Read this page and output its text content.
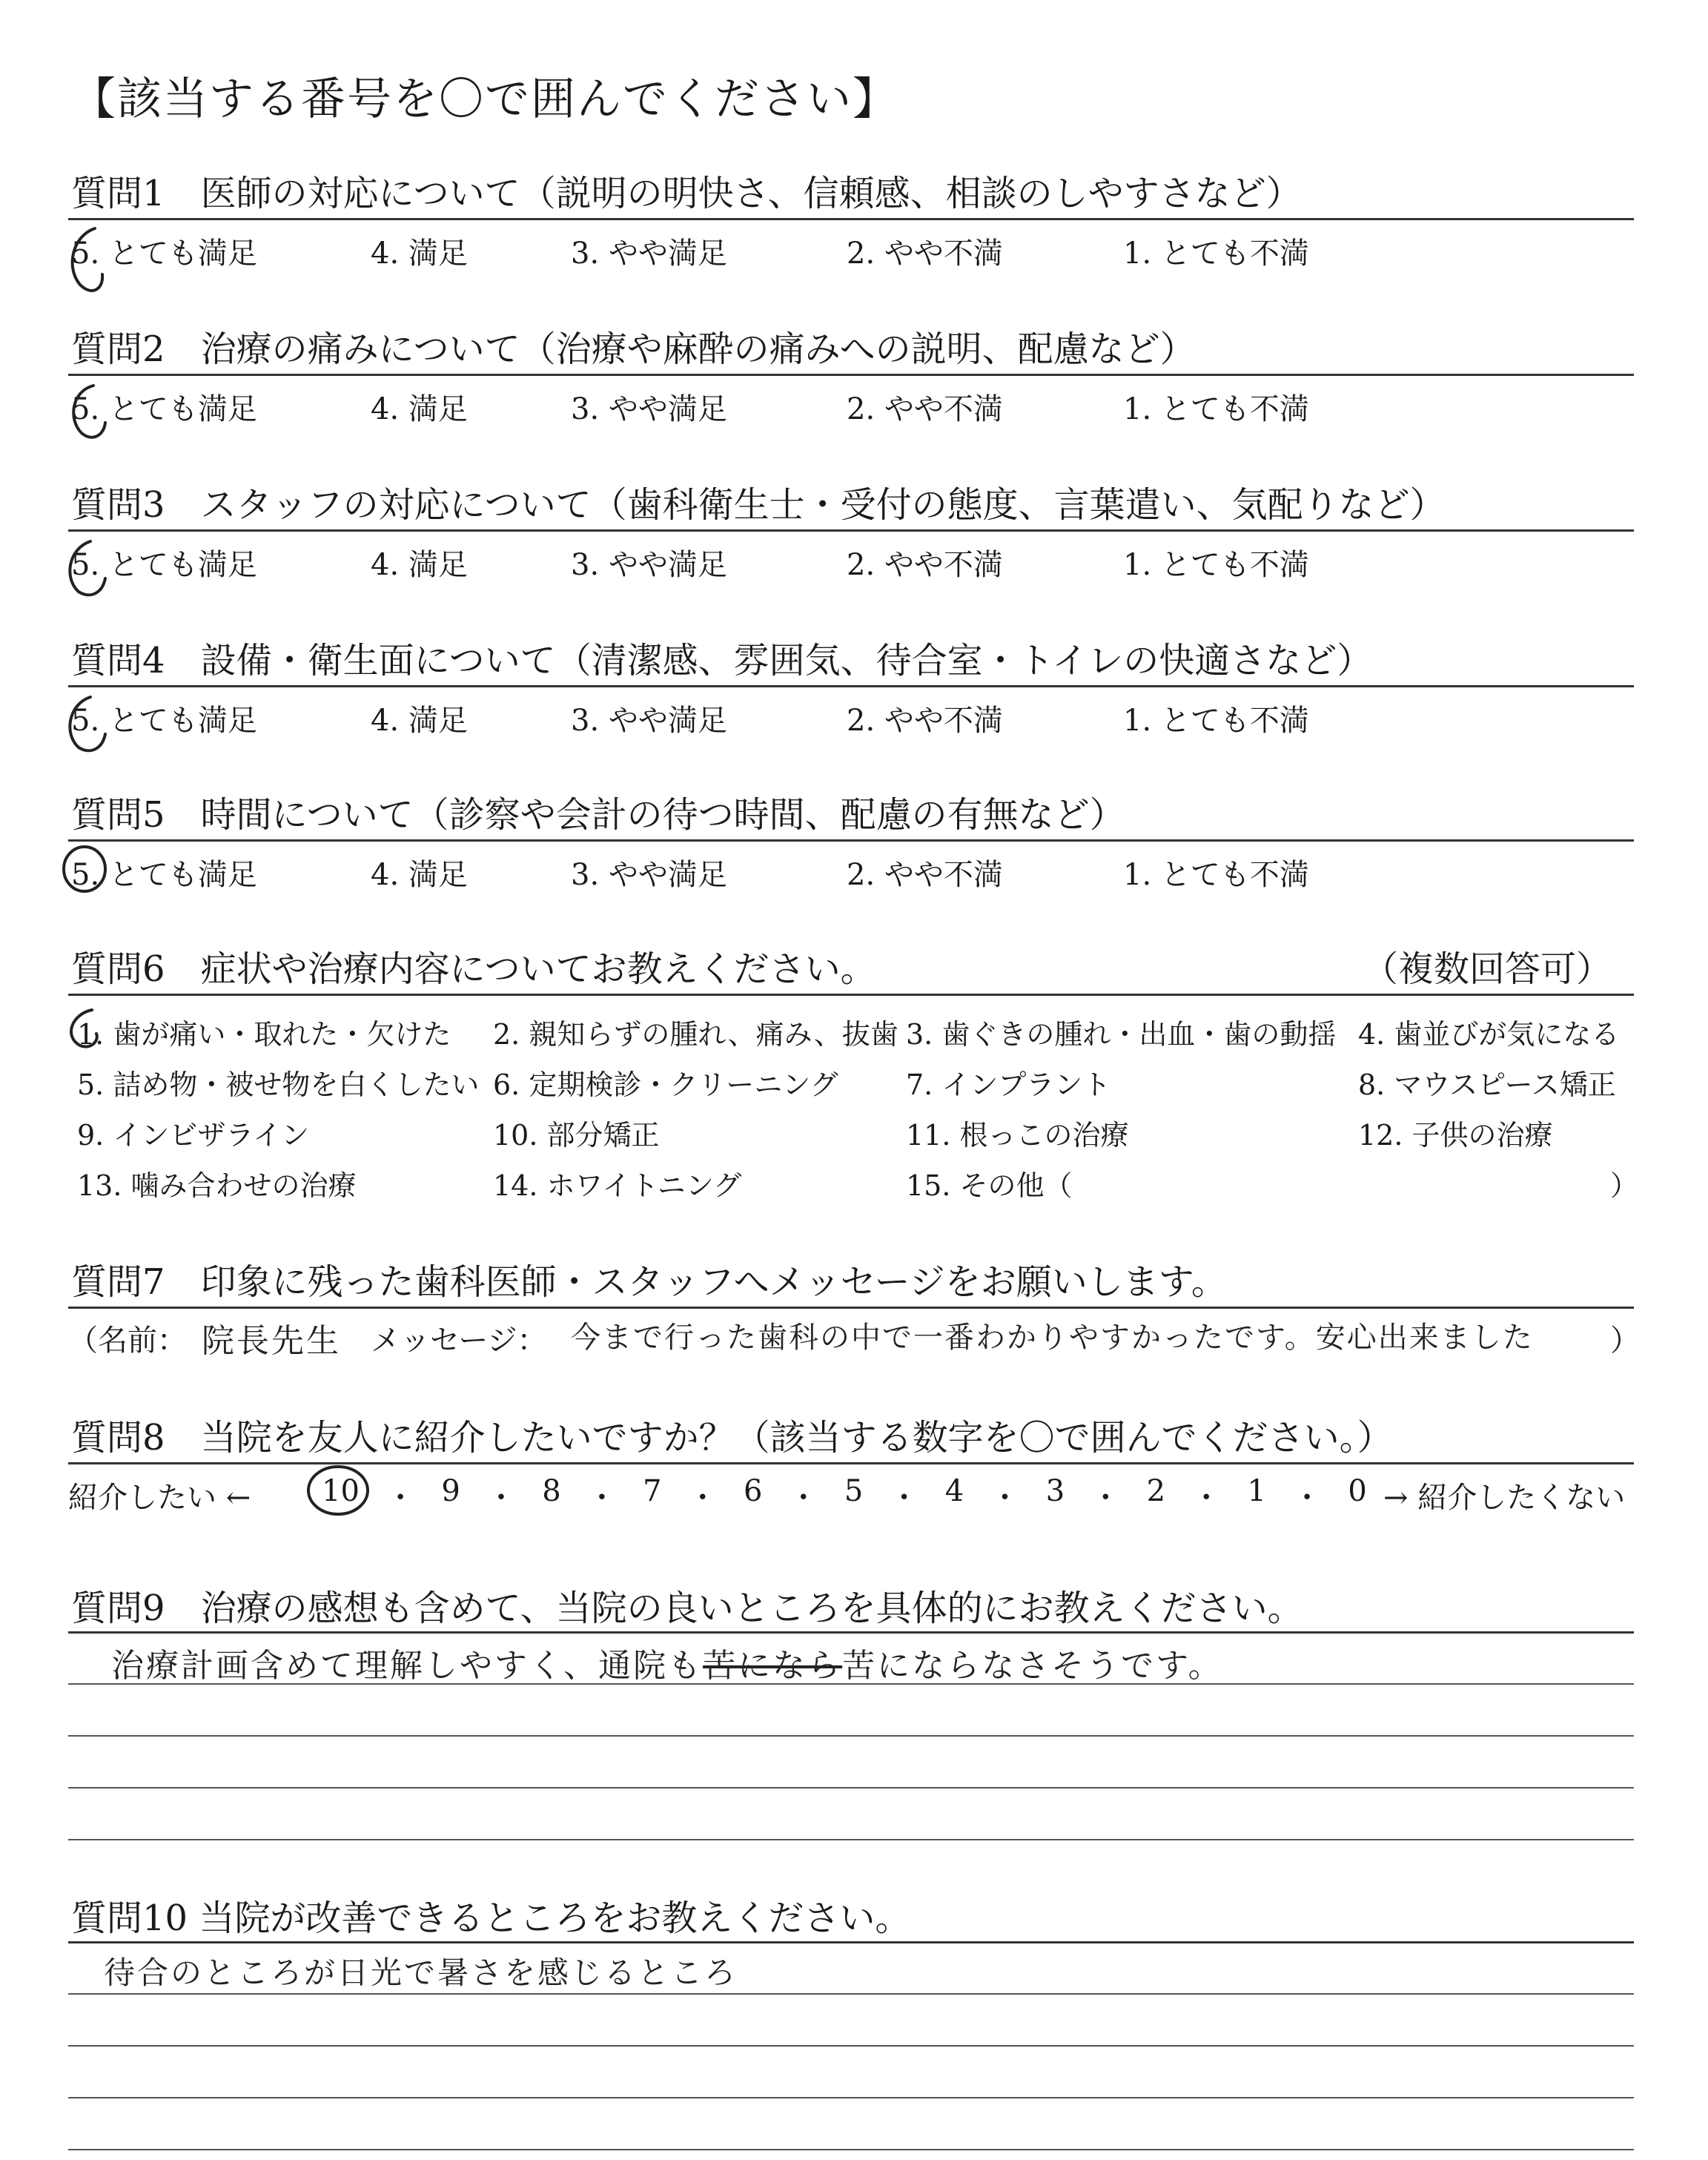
【該当する番号を〇で囲んでください】
質問1　 医師の対応について（説明の明快さ、信頼感、相談のしやすさなど）
5. とても満足	4. 満足	3. やや満足	2. やや不満	1. とても不満
質問2　 治療の痛みについて（治療や麻酔の痛みへの説明、配慮など）
5. とても満足	4. 満足	3. やや満足	2. やや不満	1. とても不満
質問3　 スタッフの対応について（歯科衛生士・受付の態度、言葉遣い、気配りなど）
5. とても満足	4. 満足	3. やや満足	2. やや不満	1. とても不満
質問4　 設備・衛生面について（清潔感、雰囲気、待合室・トイレの快適さなど）
5. とても満足	4. 満足	3. やや満足	2. やや不満	1. とても不満
質問5　 時間について（診察や会計の待つ時間、配慮の有無など）
5. とても満足	4. 満足	3. やや満足	2. やや不満	1. とても不満
質問6　 症状や治療内容についてお教えください。	（複数回答可）
1. 歯が痛い・取れた・欠けた 2. 親知らずの腫れ、痛み、抜歯 3. 歯ぐきの腫れ・出血・歯の動揺 4. 歯並びが気になる
5. 詰め物・被せ物を白くしたい 6. 定期検診・クリーニング 7. インプラント	8. マウスピース矯正
9. インビザライン	10. 部分矯正	11. 根っこの治療	12. 子供の治療
13. 噛み合わせの治療	14. ホワイトニング	15. その他（	）
質問7　 印象に残った歯科医師・スタッフへメッセージをお願いします。
（名前： 院長先生 メッセージ： 今まで行った歯科の中で一番わかりやすかったです。安心出来ました	）
質問8　 当院を友人に紹介したいですか？（該当する数字を〇で囲んでください。）
紹介したい ← 10 ・ 9 ・ 8 ・ 7 ・ 6 ・ 5 ・ 4 ・ 3 ・ 2 ・ 1 ・ 0 → 紹介したくない
質問9　 治療の感想も含めて、当院の良いところを具体的にお教えください。
治療計画含めて理解しやすく、通院も苦になら苦にならなさそうです。
質問10 当院が改善できるところをお教えください。
待合のところが日光で暑さを感じるところ
